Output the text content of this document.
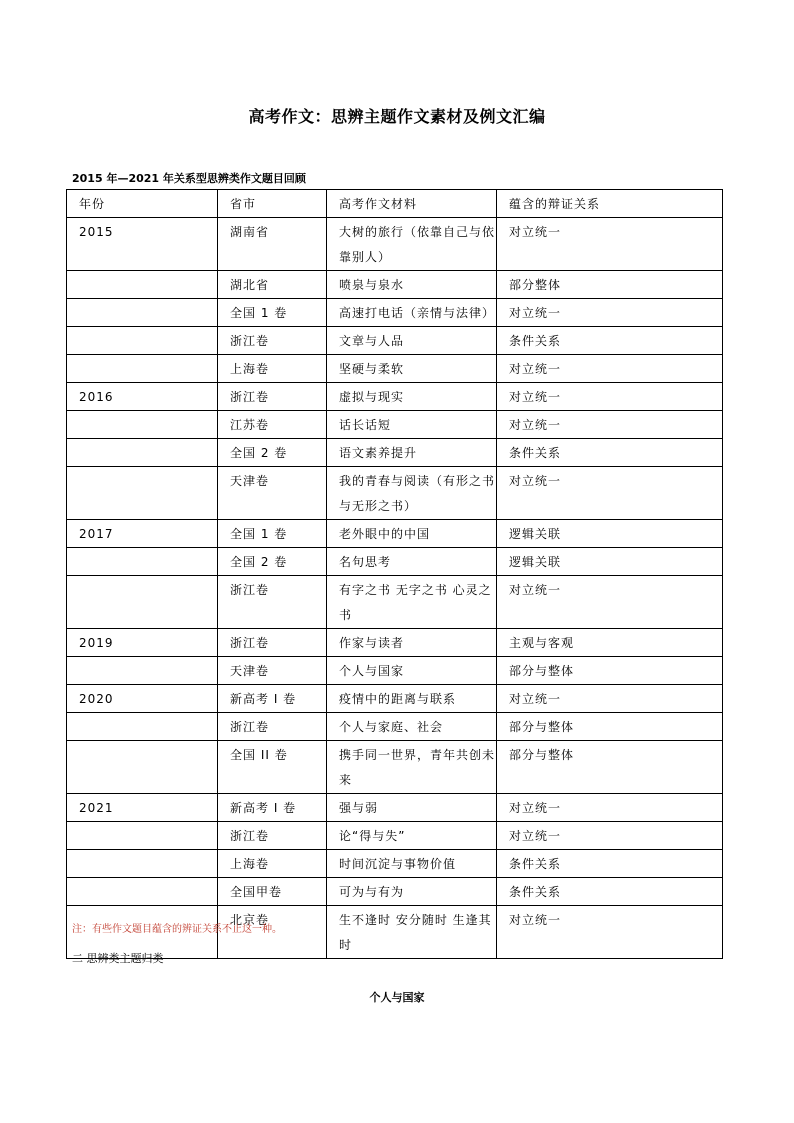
高考作文：思辨主题作文素材及例文汇编
2015 年—2021 年关系型思辨类作文题目回顾
年份	省市	高考作文材料	蕴含的辩证关系
2015	湖南省	大树的旅行（依靠自己与依靠别人）	对立统一
	湖北省	喷泉与泉水	部分整体
	全国 1 卷	高速打电话（亲情与法律）	对立统一
	浙江卷	文章与人品	条件关系
	上海卷	坚硬与柔软	对立统一
2016	浙江卷	虚拟与现实	对立统一
	江苏卷	话长话短	对立统一
	全国 2 卷	语文素养提升	条件关系
	天津卷	我的青春与阅读（有形之书与无形之书）	对立统一
2017	全国 1 卷	老外眼中的中国	逻辑关联
	全国 2 卷	名句思考	逻辑关联
	浙江卷	有字之书 无字之书 心灵之书	对立统一
2019	浙江卷	作家与读者	主观与客观
	天津卷	个人与国家	部分与整体
2020	新高考 I 卷	疫情中的距离与联系	对立统一
	浙江卷	个人与家庭、社会	部分与整体
	全国 II 卷	携手同一世界，青年共创未来	部分与整体
2021	新高考 I 卷	强与弱	对立统一
	浙江卷	论“得与失”	对立统一
	上海卷	时间沉淀与事物价值	条件关系
	全国甲卷	可为与有为	条件关系
	北京卷	生不逢时 安分随时 生逢其时	对立统一
注：有些作文题目蕴含的辨证关系不止这一种。
二 思辨类主题归类
个人与国家
